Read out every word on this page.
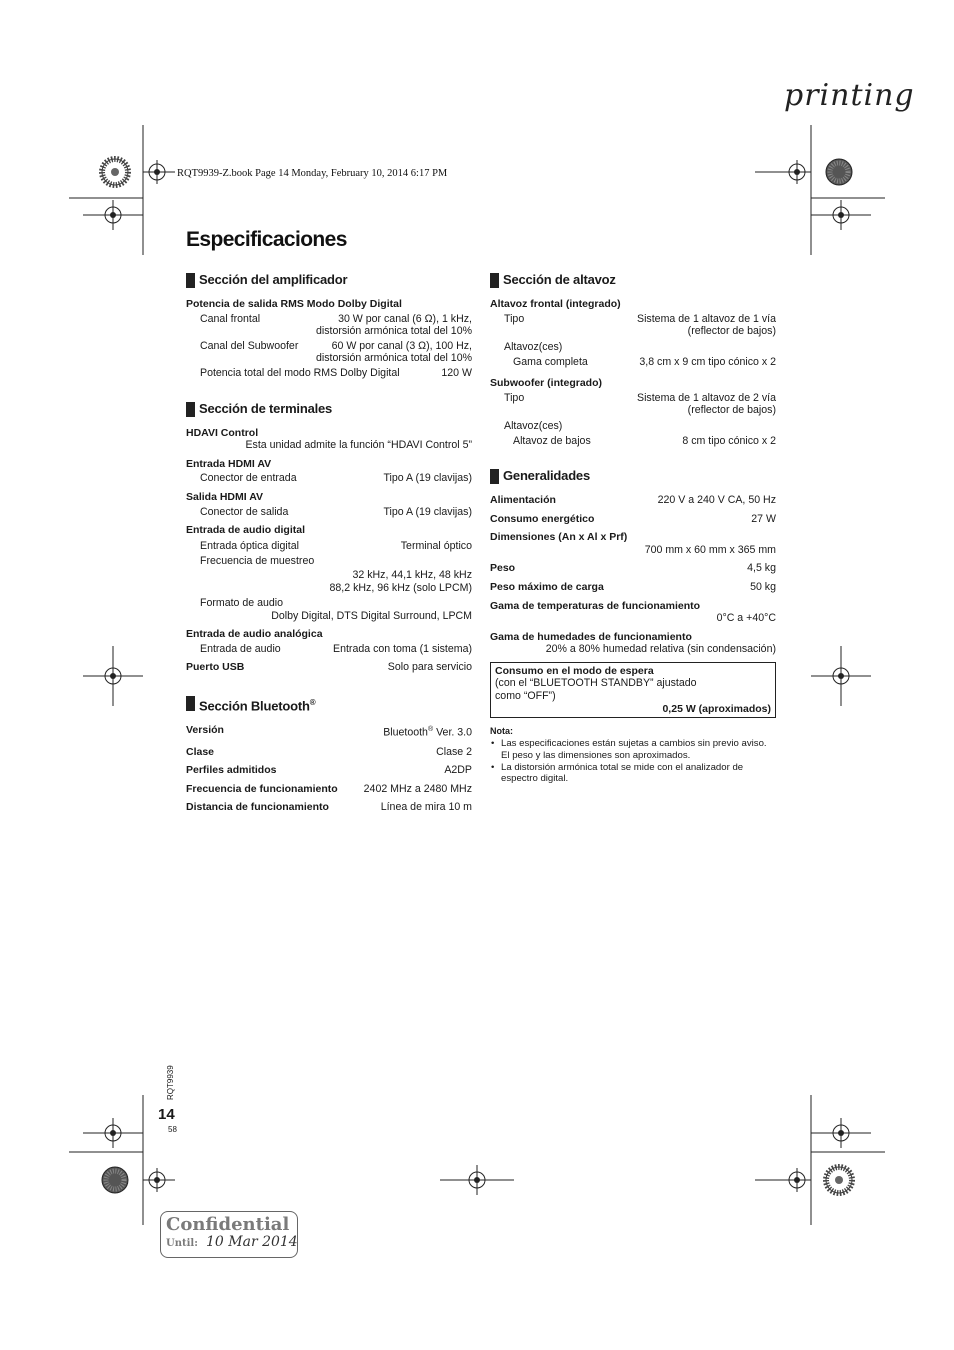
printing
RQT9939-Z.book Page 14 Monday, February 10, 2014 6:17 PM
Especificaciones
Sección del amplificador
Potencia de salida RMS Modo Dolby Digital
Canal frontal	30 W por canal (6 Ω), 1 kHz,
distorsión armónica total del 10%
Canal del Subwoofer	60 W por canal (3 Ω), 100 Hz,
distorsión armónica total del 10%
Potencia total del modo RMS Dolby Digital	120 W
Sección de terminales
HDAVI Control
Esta unidad admite la función “HDAVI Control 5”
Entrada HDMI AV
Conector de entrada	Tipo A (19 clavijas)
Salida HDMI AV
Conector de salida	Tipo A (19 clavijas)
Entrada de audio digital
Entrada óptica digital	Terminal óptico
Frecuencia de muestreo
32 kHz, 44,1 kHz, 48 kHz
88,2 kHz, 96 kHz (solo LPCM)
Formato de audio
Dolby Digital, DTS Digital Surround, LPCM
Entrada de audio analógica
Entrada de audio	Entrada con toma (1 sistema)
Puerto USB	Solo para servicio
Sección Bluetooth®
Versión	Bluetooth® Ver. 3.0
Clase	Clase 2
Perfiles admitidos	A2DP
Frecuencia de funcionamiento 2402 MHz a 2480 MHz
Distancia de funcionamiento	Línea de mira 10 m
Sección de altavoz
Altavoz frontal (integrado)
Tipo	Sistema de 1 altavoz de 1 vía
(reflector de bajos)
Altavoz(ces)
Gama completa	3,8 cm x 9 cm tipo cónico x 2
Subwoofer (integrado)
Tipo	Sistema de 1 altavoz de 2 vía
(reflector de bajos)
Altavoz(ces)
Altavoz de bajos	8 cm tipo cónico x 2
Generalidades
Alimentación	220 V a 240 V CA, 50 Hz
Consumo energético	27 W
Dimensiones (An x Al x Prf)
700 mm x 60 mm x 365 mm
Peso	4,5 kg
Peso máximo de carga	50 kg
Gama de temperaturas de funcionamiento
0°C a +40°C
Gama de humedades de funcionamiento
20% a 80% humedad relativa (sin condensación)
Consumo en el modo de espera
(con el “BLUETOOTH STANDBY” ajustado como “OFF”)
0,25 W (aproximados)
Nota:
• Las especificaciones están sujetas a cambios sin previo aviso.
El peso y las dimensiones son aproximados.
• La distorsión armónica total se mide con el analizador de espectro digital.
RQT9939
14
58
Confidential
Until: 10 Mar 2014
